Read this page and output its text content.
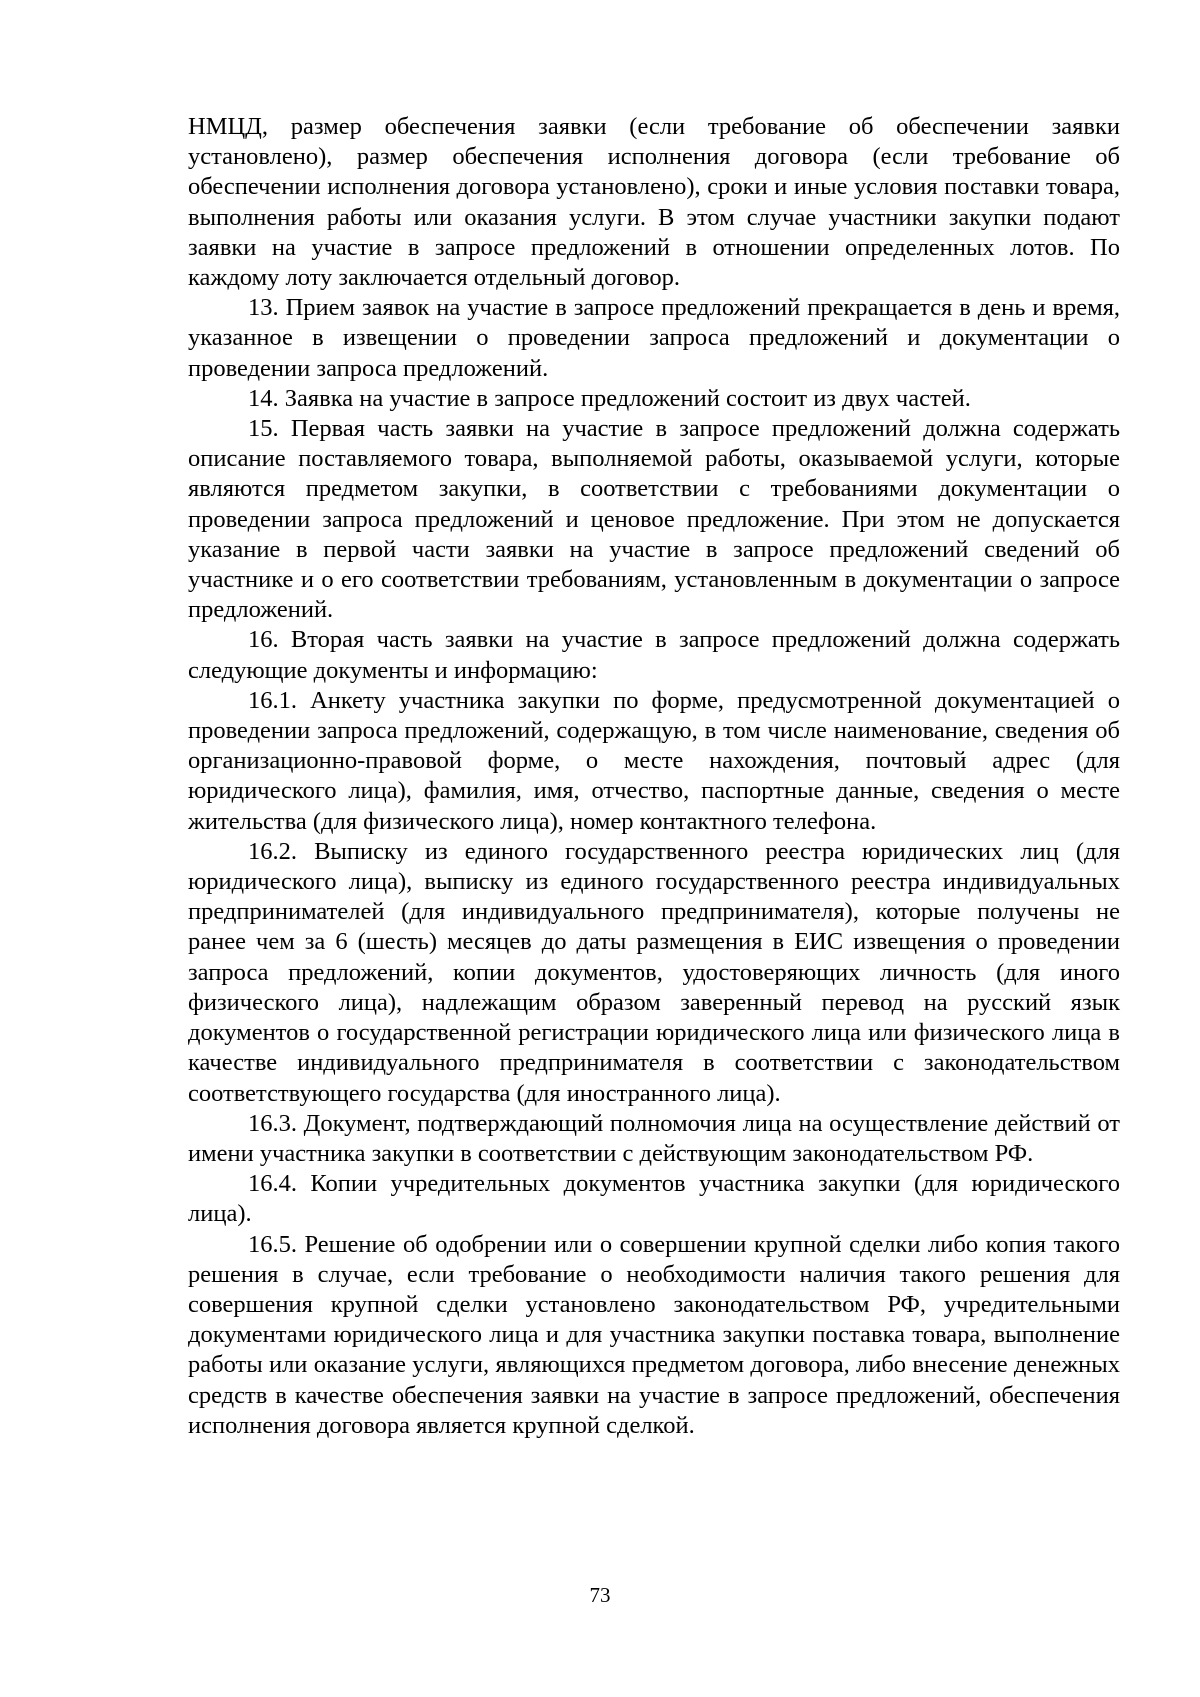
НМЦД, размер обеспечения заявки (если требование об обеспечении заявки установлено), размер обеспечения исполнения договора (если требование об обеспечении исполнения договора установлено), сроки и иные условия поставки товара, выполнения работы или оказания услуги. В этом случае участники закупки подают заявки на участие в запросе предложений в отношении определенных лотов. По каждому лоту заключается отдельный договор.

13. Прием заявок на участие в запросе предложений прекращается в день и время, указанное в извещении о проведении запроса предложений и документации о проведении запроса предложений.

14. Заявка на участие в запросе предложений состоит из двух частей.

15. Первая часть заявки на участие в запросе предложений должна содержать описание поставляемого товара, выполняемой работы, оказываемой услуги, которые являются предметом закупки, в соответствии с требованиями документации о проведении запроса предложений и ценовое предложение. При этом не допускается указание в первой части заявки на участие в запросе предложений сведений об участнике и о его соответствии требованиям, установленным в документации о запросе предложений.

16. Вторая часть заявки на участие в запросе предложений должна содержать следующие документы и информацию:

16.1. Анкету участника закупки по форме, предусмотренной документацией о проведении запроса предложений, содержащую, в том числе наименование, сведения об организационно-правовой форме, о месте нахождения, почтовый адрес (для юридического лица), фамилия, имя, отчество, паспортные данные, сведения о месте жительства (для физического лица), номер контактного телефона.

16.2. Выписку из единого государственного реестра юридических лиц (для юридического лица), выписку из единого государственного реестра индивидуальных предпринимателей (для индивидуального предпринимателя), которые получены не ранее чем за 6 (шесть) месяцев до даты размещения в ЕИС извещения о проведении запроса предложений, копии документов, удостоверяющих личность (для иного физического лица), надлежащим образом заверенный перевод на русский язык документов о государственной регистрации юридического лица или физического лица в качестве индивидуального предпринимателя в соответствии с законодательством соответствующего государства (для иностранного лица).

16.3. Документ, подтверждающий полномочия лица на осуществление действий от имени участника закупки в соответствии с действующим законодательством РФ.

16.4. Копии учредительных документов участника закупки (для юридического лица).

16.5. Решение об одобрении или о совершении крупной сделки либо копия такого решения в случае, если требование о необходимости наличия такого решения для совершения крупной сделки установлено законодательством РФ, учредительными документами юридического лица и для участника закупки поставка товара, выполнение работы или оказание услуги, являющихся предметом договора, либо внесение денежных средств в качестве обеспечения заявки на участие в запросе предложений, обеспечения исполнения договора является крупной сделкой.

73
